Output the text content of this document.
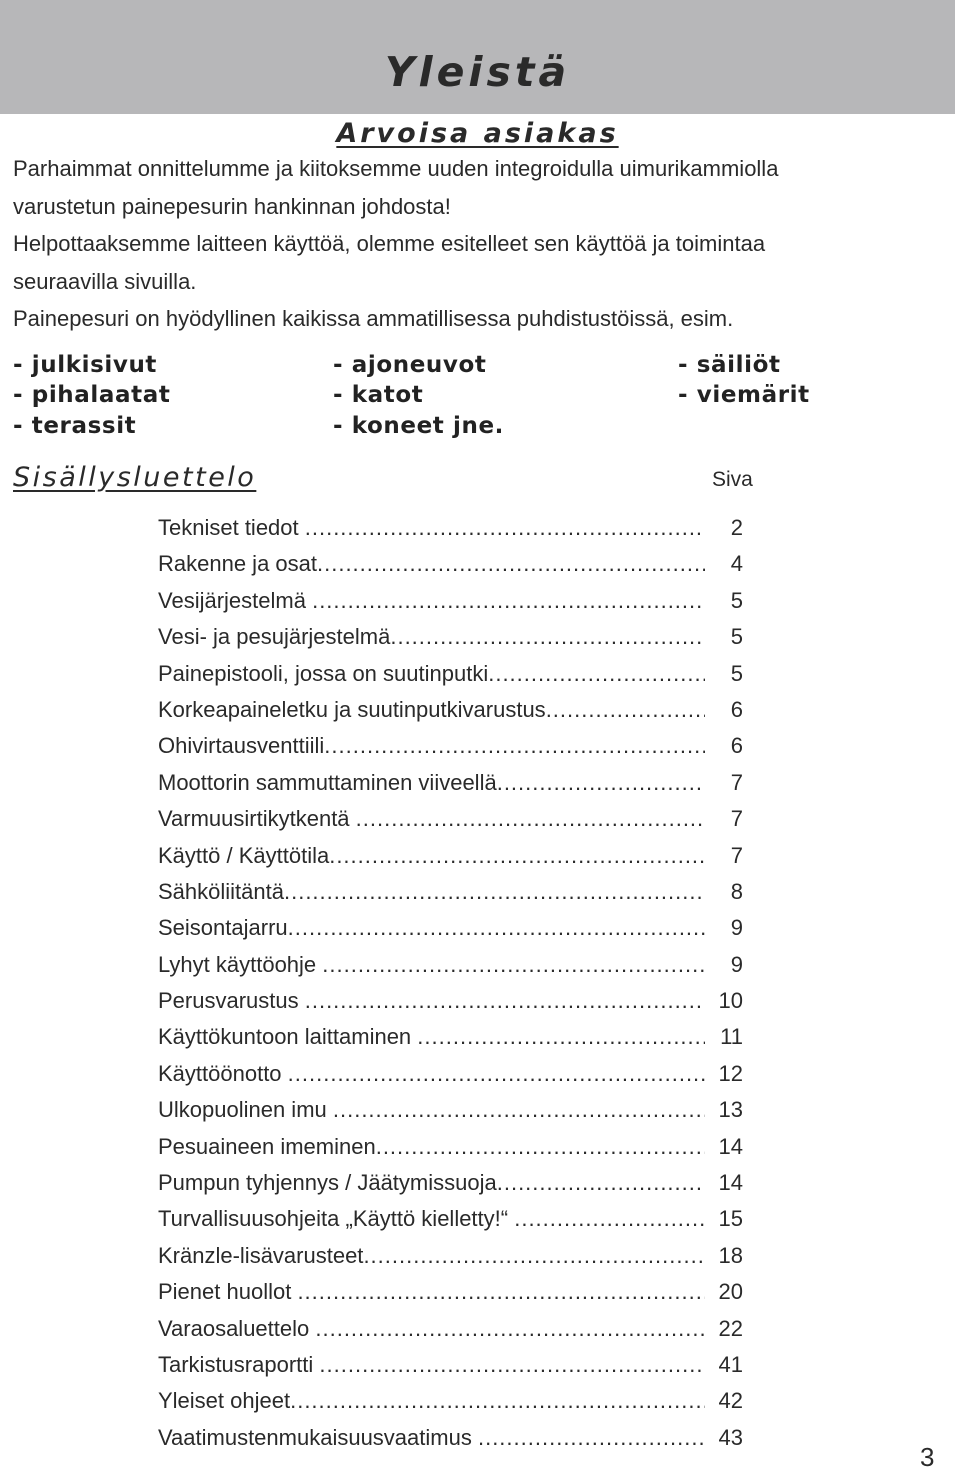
Yleistä
Arvoisa asiakas

Parhaimmat onnittelumme ja kiitoksemme uuden integroidulla uimurikammiolla

varustetun painepesurin hankinnan johdosta!

Helpottaaksemme laitteen käyttöä, olemme esitelleet sen käyttöä ja toimintaa

seuraavilla sivuilla.

Painepesuri on hyödyllinen kaikissa ammatillisessa puhdistustöissä, esim.

- julkisivut	- ajoneuvot	- säiliöt
- pihalaatat	- katot	- viemärit
- terassit	- koneet jne.
Sisällysluettelo	Siva
Tekniset tiedot .....	2
Rakenne ja osat .....	4
Vesijärjestelmä .....	5
Vesi- ja pesujärjestelmä .....	5
Painepistooli, jossa on suutinputki .....	5
Korkeapaineletku ja suutinputkivarustus .....	6
Ohivirtausventtiili .....	6
Moottorin sammuttaminen viiveellä .....	7
Varmuusirtikytkentä .....	7
Käyttö / Käyttötila .....	7
Sähköliitäntä .....	8
Seisontajarru .....	9
Lyhyt käyttöohje .....	9
Perusvarustus .....	10
Käyttökuntoon laittaminen .....	11
Käyttöönotto .....	12
Ulkopuolinen imu .....	13
Pesuaineen imeminen .....	14
Pumpun tyhjennys / Jäätymissuoja .....	14
Turvallisuusohjeita „Käyttö kielletty!“ .....	15
Kränzle-lisävarusteet .....	18
Pienet huollot .....	20
Varaosaluettelo .....	22
Tarkistusraportti .....	41
Yleiset ohjeet .....	42
Vaatimustenmukaisuusvaatimus .....	43
3
